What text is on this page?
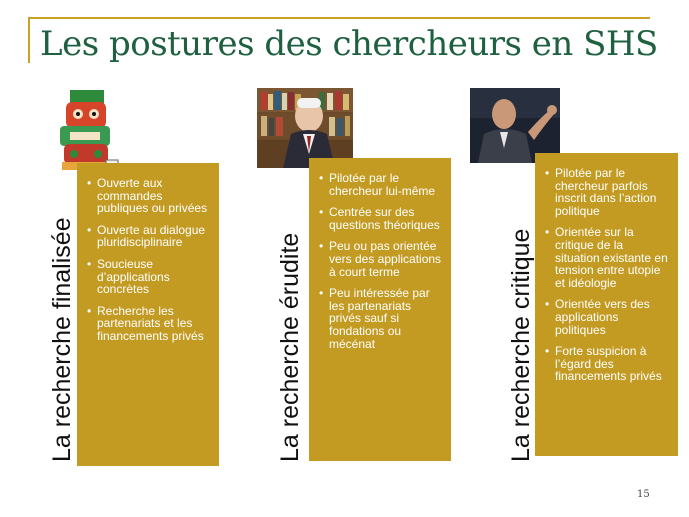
Les postures des chercheurs en SHS
La recherche finalisée
• Ouverte aux commandes publiques ou privées
• Ouverte au dialogue pluridisciplinaire
• Soucieuse d’applications concrètes
• Recherche les partenariats et les financements privés	La recherche érudite
• Pilotée par le chercheur lui-même
• Centrée sur des questions théoriques
• Peu ou pas orientée vers des applications à court terme
• Peu intéressée par les partenariats privés sauf si fondations ou mécénat	La recherche critique
• Pilotée par le chercheur parfois inscrit dans l’action politique
• Orientée sur la critique de la situation existante en tension entre utopie et idéologie
• Orientée vers des applications politiques
• Forte suspicion à l’égard des financements privés
15
